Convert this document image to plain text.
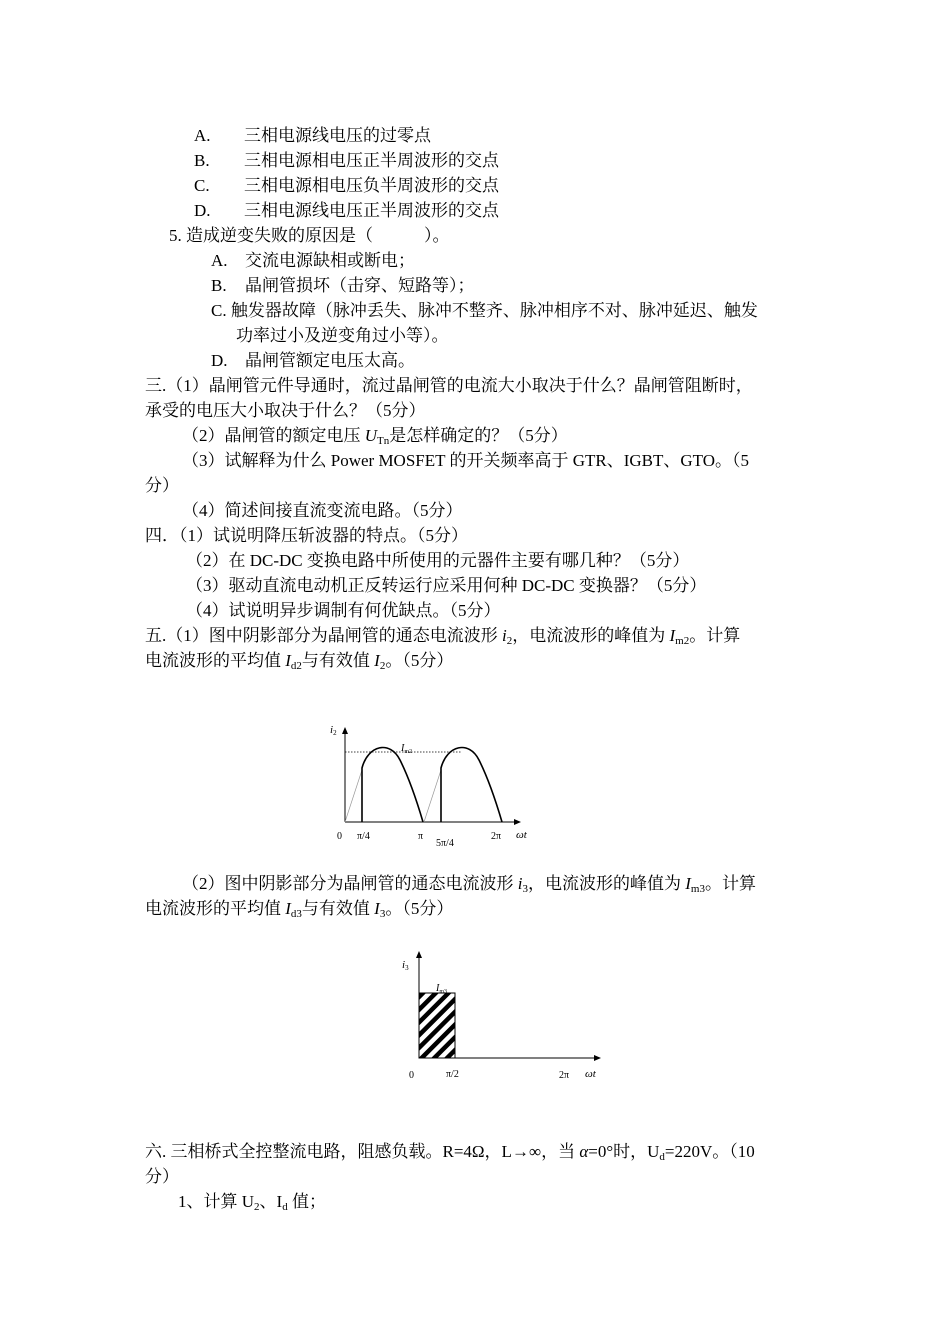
A. 三相电源线电压的过零点
B. 三相电源相电压正半周波形的交点
C. 三相电源相电压负半周波形的交点
D. 三相电源线电压正半周波形的交点
5. 造成逆变失败的原因是（　　　）。
A. 交流电源缺相或断电；
B. 晶闸管损坏（击穿、短路等）；
C. 触发器故障（脉冲丢失、脉冲不整齐、脉冲相序不对、脉冲延迟、触发
功率过小及逆变角过小等）。
D. 晶闸管额定电压太高。
三.（1）晶闸管元件导通时，流过晶闸管的电流大小取决于什么？晶闸管阻断时，
承受的电压大小取决于什么？（5分）
（2）晶闸管的额定电压 $U_{Tn}$是怎样确定的？（5分）
（3）试解释为什么 Power MOSFET 的开关频率高于 GTR、IGBT、GTO。（5
分）
（4）简述间接直流变流电路。（5分）
四．（1）试说明降压斩波器的特点。（5分）
（2）在 DC-DC 变换电路中所使用的元器件主要有哪几种？（5分）
（3）驱动直流电动机正反转运行应采用何种 DC-DC 变换器？（5分）
（4）试说明异步调制有何优缺点。（5分）
五.（1）图中阴影部分为晶闸管的通态电流波形 $i_2$，电流波形的峰值为 $I_{m2}$。计算
电流波形的平均值 $I_{d2}$与有效值 $I_2$。（5分）
i2
$I_{m2}$
0 π/4	π
5π/4
2π ωt
（2）图中阴影部分为晶闸管的通态电流波形 $i_3$，电流波形的峰值为 $I_{m3}$。计算
电流波形的平均值 $I_{d3}$与有效值 $I_3$。（5分）
i3
$I_{m3}$
0	π/2	2π ωt
六. 三相桥式全控整流电路，阻感负载。R=4Ω，L→∞，当 α=0°时，$U_d=220V$。（10
分）
1、计算 $U_2$、$I_d$ 值；
